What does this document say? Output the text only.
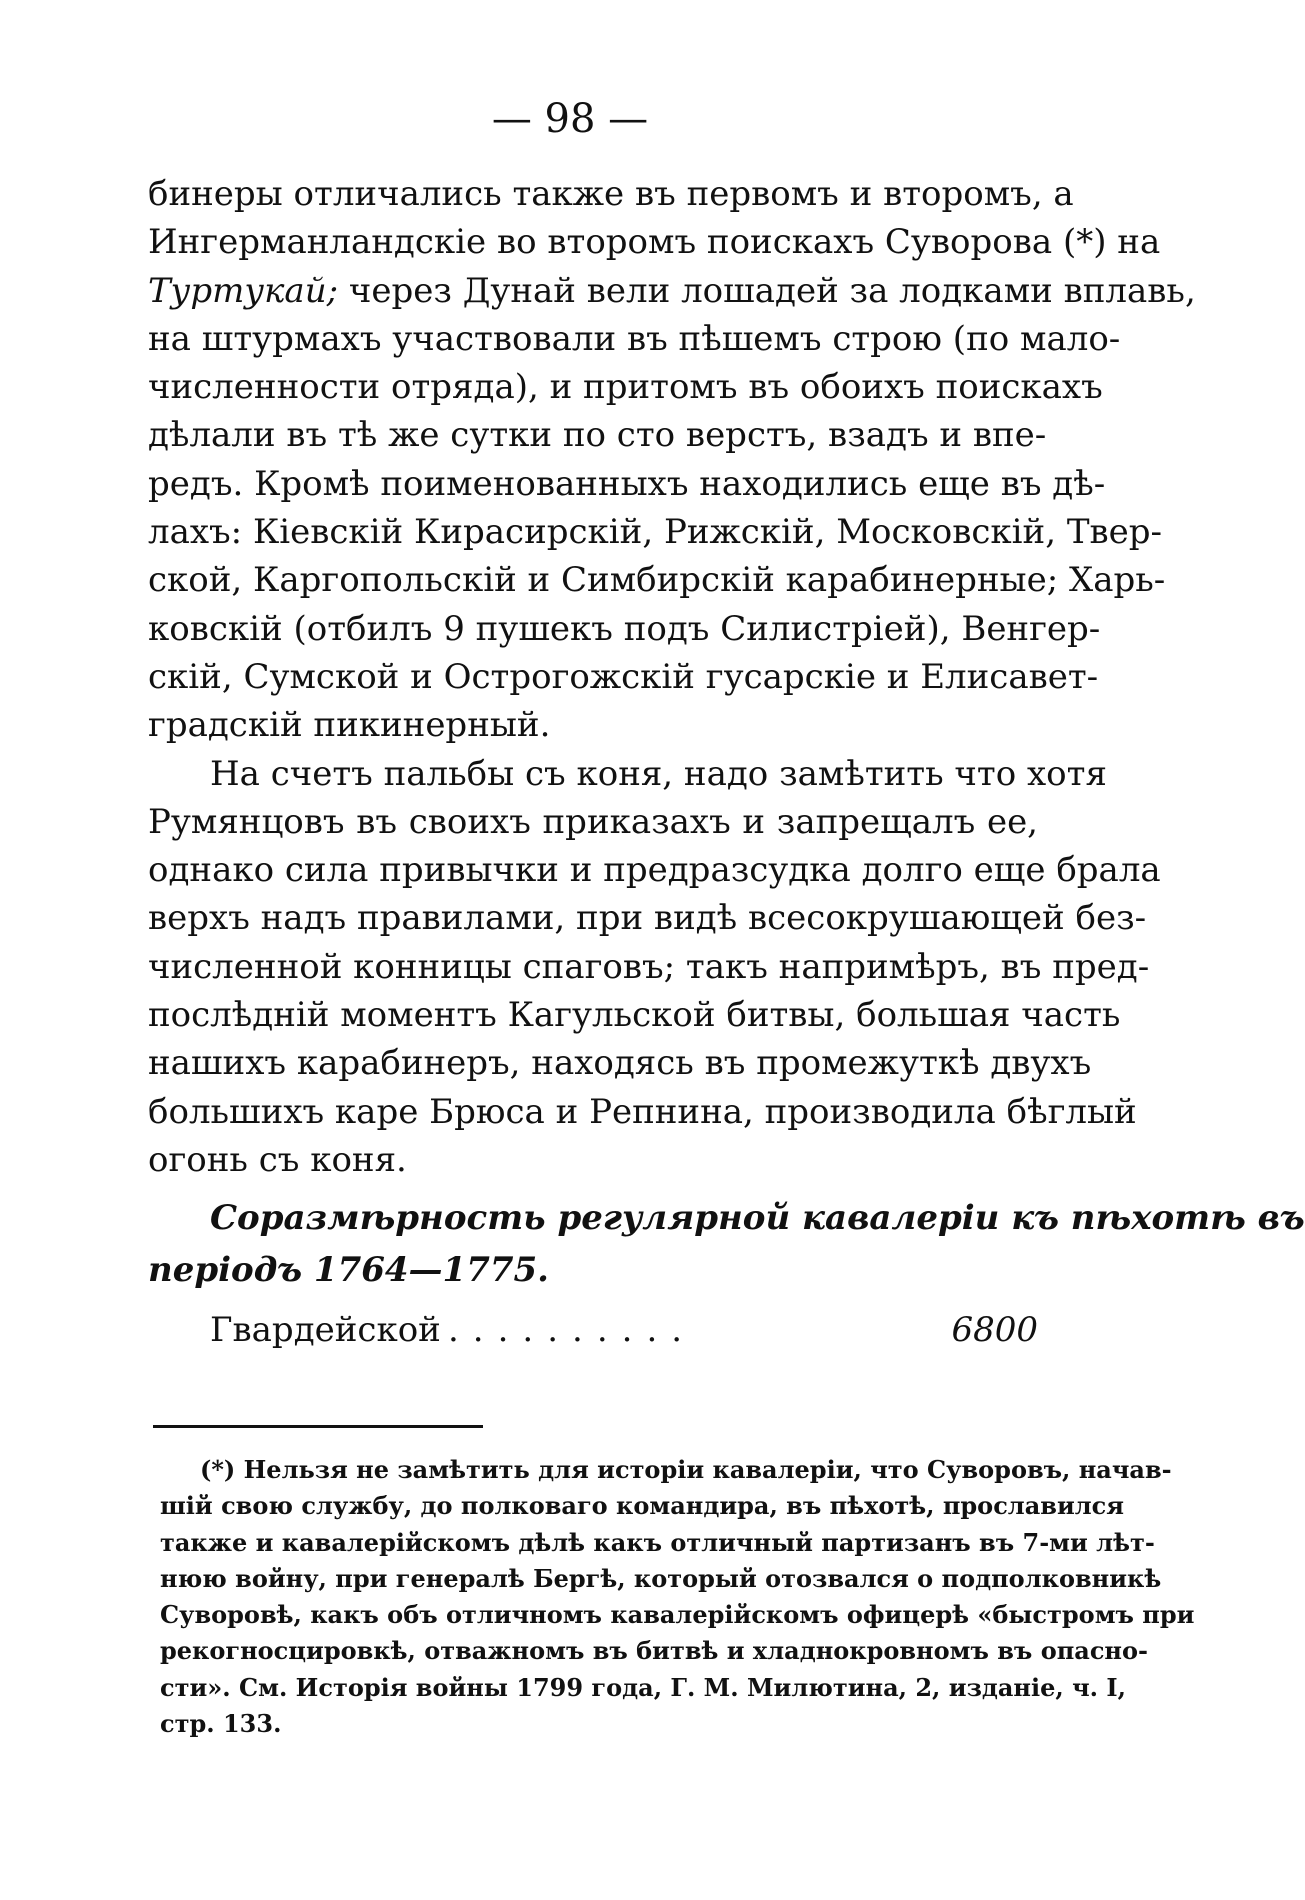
— 98 —
бинеры отличались также въ первомъ и второмъ, а
Ингерманландскіе во второмъ поискахъ Суворова (*) на
Туртукай; через Дунай вели лошадей за лодками вплавь,
на штурмахъ участвовали въ пѣшемъ строю (по мало-
численности отряда), и притомъ въ обоихъ поискахъ
дѣлали въ тѣ же сутки по сто верстъ, взадъ и впе-
редъ. Кромѣ поименованныхъ находились еще въ дѣ-
лахъ: Кіевскій Кирасирскій, Рижскій, Московскій, Твер-
ской, Каргопольскій и Симбирскій карабинерные; Харь-
ковскій (отбилъ 9 пушекъ подъ Силистріей), Венгер-
скій, Сумской и Острогожскій гусарскіе и Елисавет-
градскій пикинерный.
На счетъ пальбы съ коня, надо замѣтить что хотя
Румянцовъ въ своихъ приказахъ и запрещалъ ее,
однако сила привычки и предразсудка долго еще брала
верхъ надъ правилами, при видѣ всесокрушающей без-
численной конницы спаговъ; такъ напримѣръ, въ пред-
послѣдній моментъ Кагульской битвы, большая часть
нашихъ карабинеръ, находясь въ промежуткѣ двухъ
большихъ каре Брюса и Репнина, производила бѣглый
огонь съ коня.
Соразмѣрность регулярной кавалеріи къ пѣхотѣ въ
періодъ 1764—1775.
Гвардейской ..........	6800
(*) Нельзя не замѣтить для исторіи кавалеріи, что Суворовъ, начав-
шій свою службу, до полковаго командира, въ пѣхотѣ, прославился
также и кавалерійскомъ дѣлѣ какъ отличный партизанъ въ 7-ми лѣт-
нюю войну, при генералѣ Бергѣ, который отозвался о подполковникѣ
Суворовѣ, какъ объ отличномъ кавалерійскомъ офицерѣ «быстромъ при
рекогносцировкѣ, отважномъ въ битвѣ и хладнокровномъ въ опасно-
сти». См. Исторія войны 1799 года, Г. М. Милютина, 2, изданіе, ч. I,
стр. 133.
